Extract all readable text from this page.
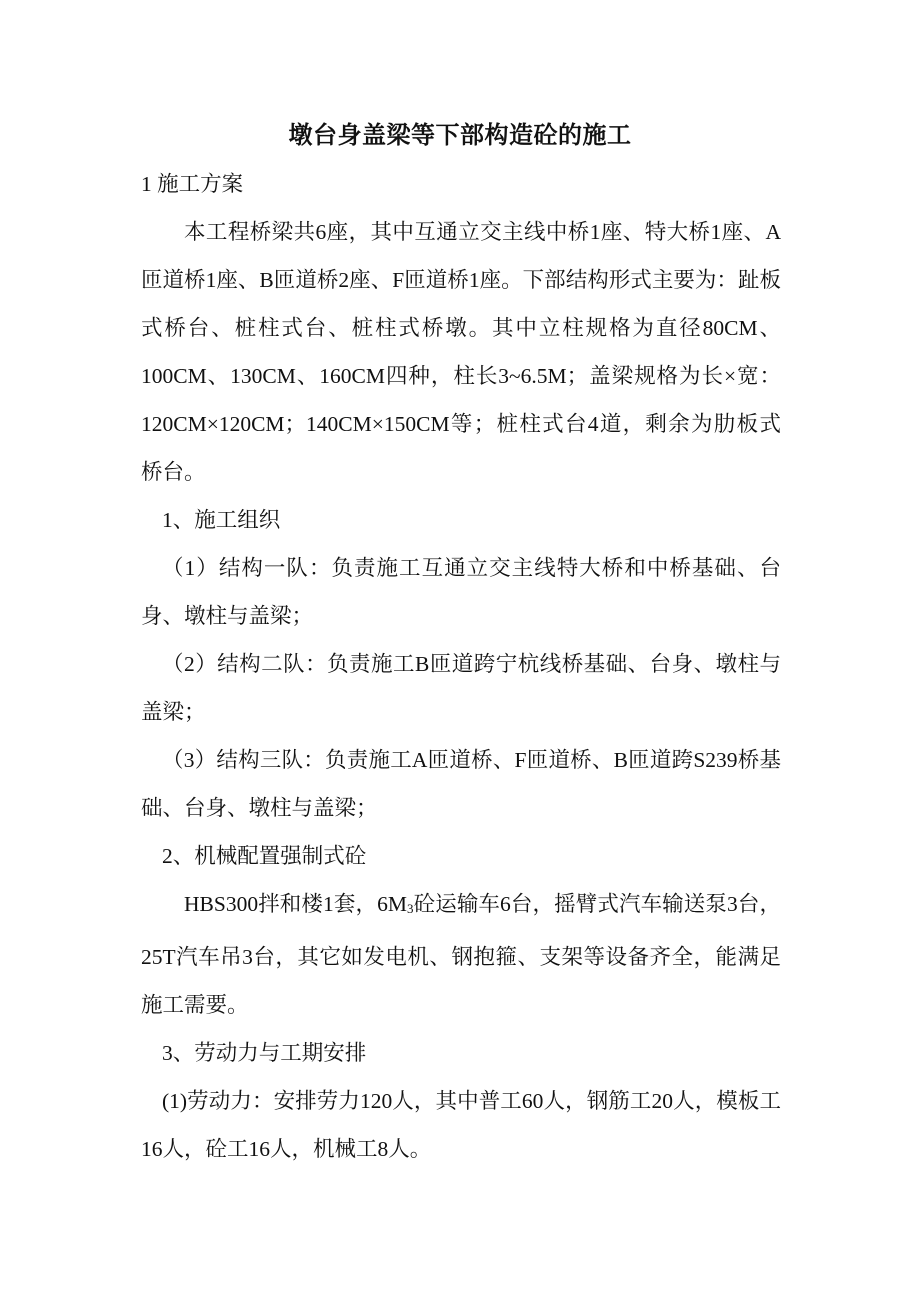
墩台身盖梁等下部构造砼的施工

1 施工方案

本工程桥梁共6座，其中互通立交主线中桥1座、特大桥1座、A匝道桥1座、B匝道桥2座、F匝道桥1座。下部结构形式主要为：趾板式桥台、桩柱式台、桩柱式桥墩。其中立柱规格为直径80CM、100CM、130CM、160CM四种，柱长3~6.5M；盖梁规格为长×宽：120CM×120CM；140CM×150CM等；桩柱式台4道，剩余为肋板式桥台。

1、施工组织

（1）结构一队：负责施工互通立交主线特大桥和中桥基础、台身、墩柱与盖梁；

（2）结构二队：负责施工B匝道跨宁杭线桥基础、台身、墩柱与盖梁；

（3）结构三队：负责施工A匝道桥、F匝道桥、B匝道跨S239桥基础、台身、墩柱与盖梁；

2、机械配置强制式砼

HBS300拌和楼1套，6M3砼运输车6台，摇臂式汽车输送泵3台，25T汽车吊3台，其它如发电机、钢抱箍、支架等设备齐全，能满足施工需要。

3、劳动力与工期安排

(1)劳动力：安排劳力120人，其中普工60人，钢筋工20人，模板工16人，砼工16人，机械工8人。
